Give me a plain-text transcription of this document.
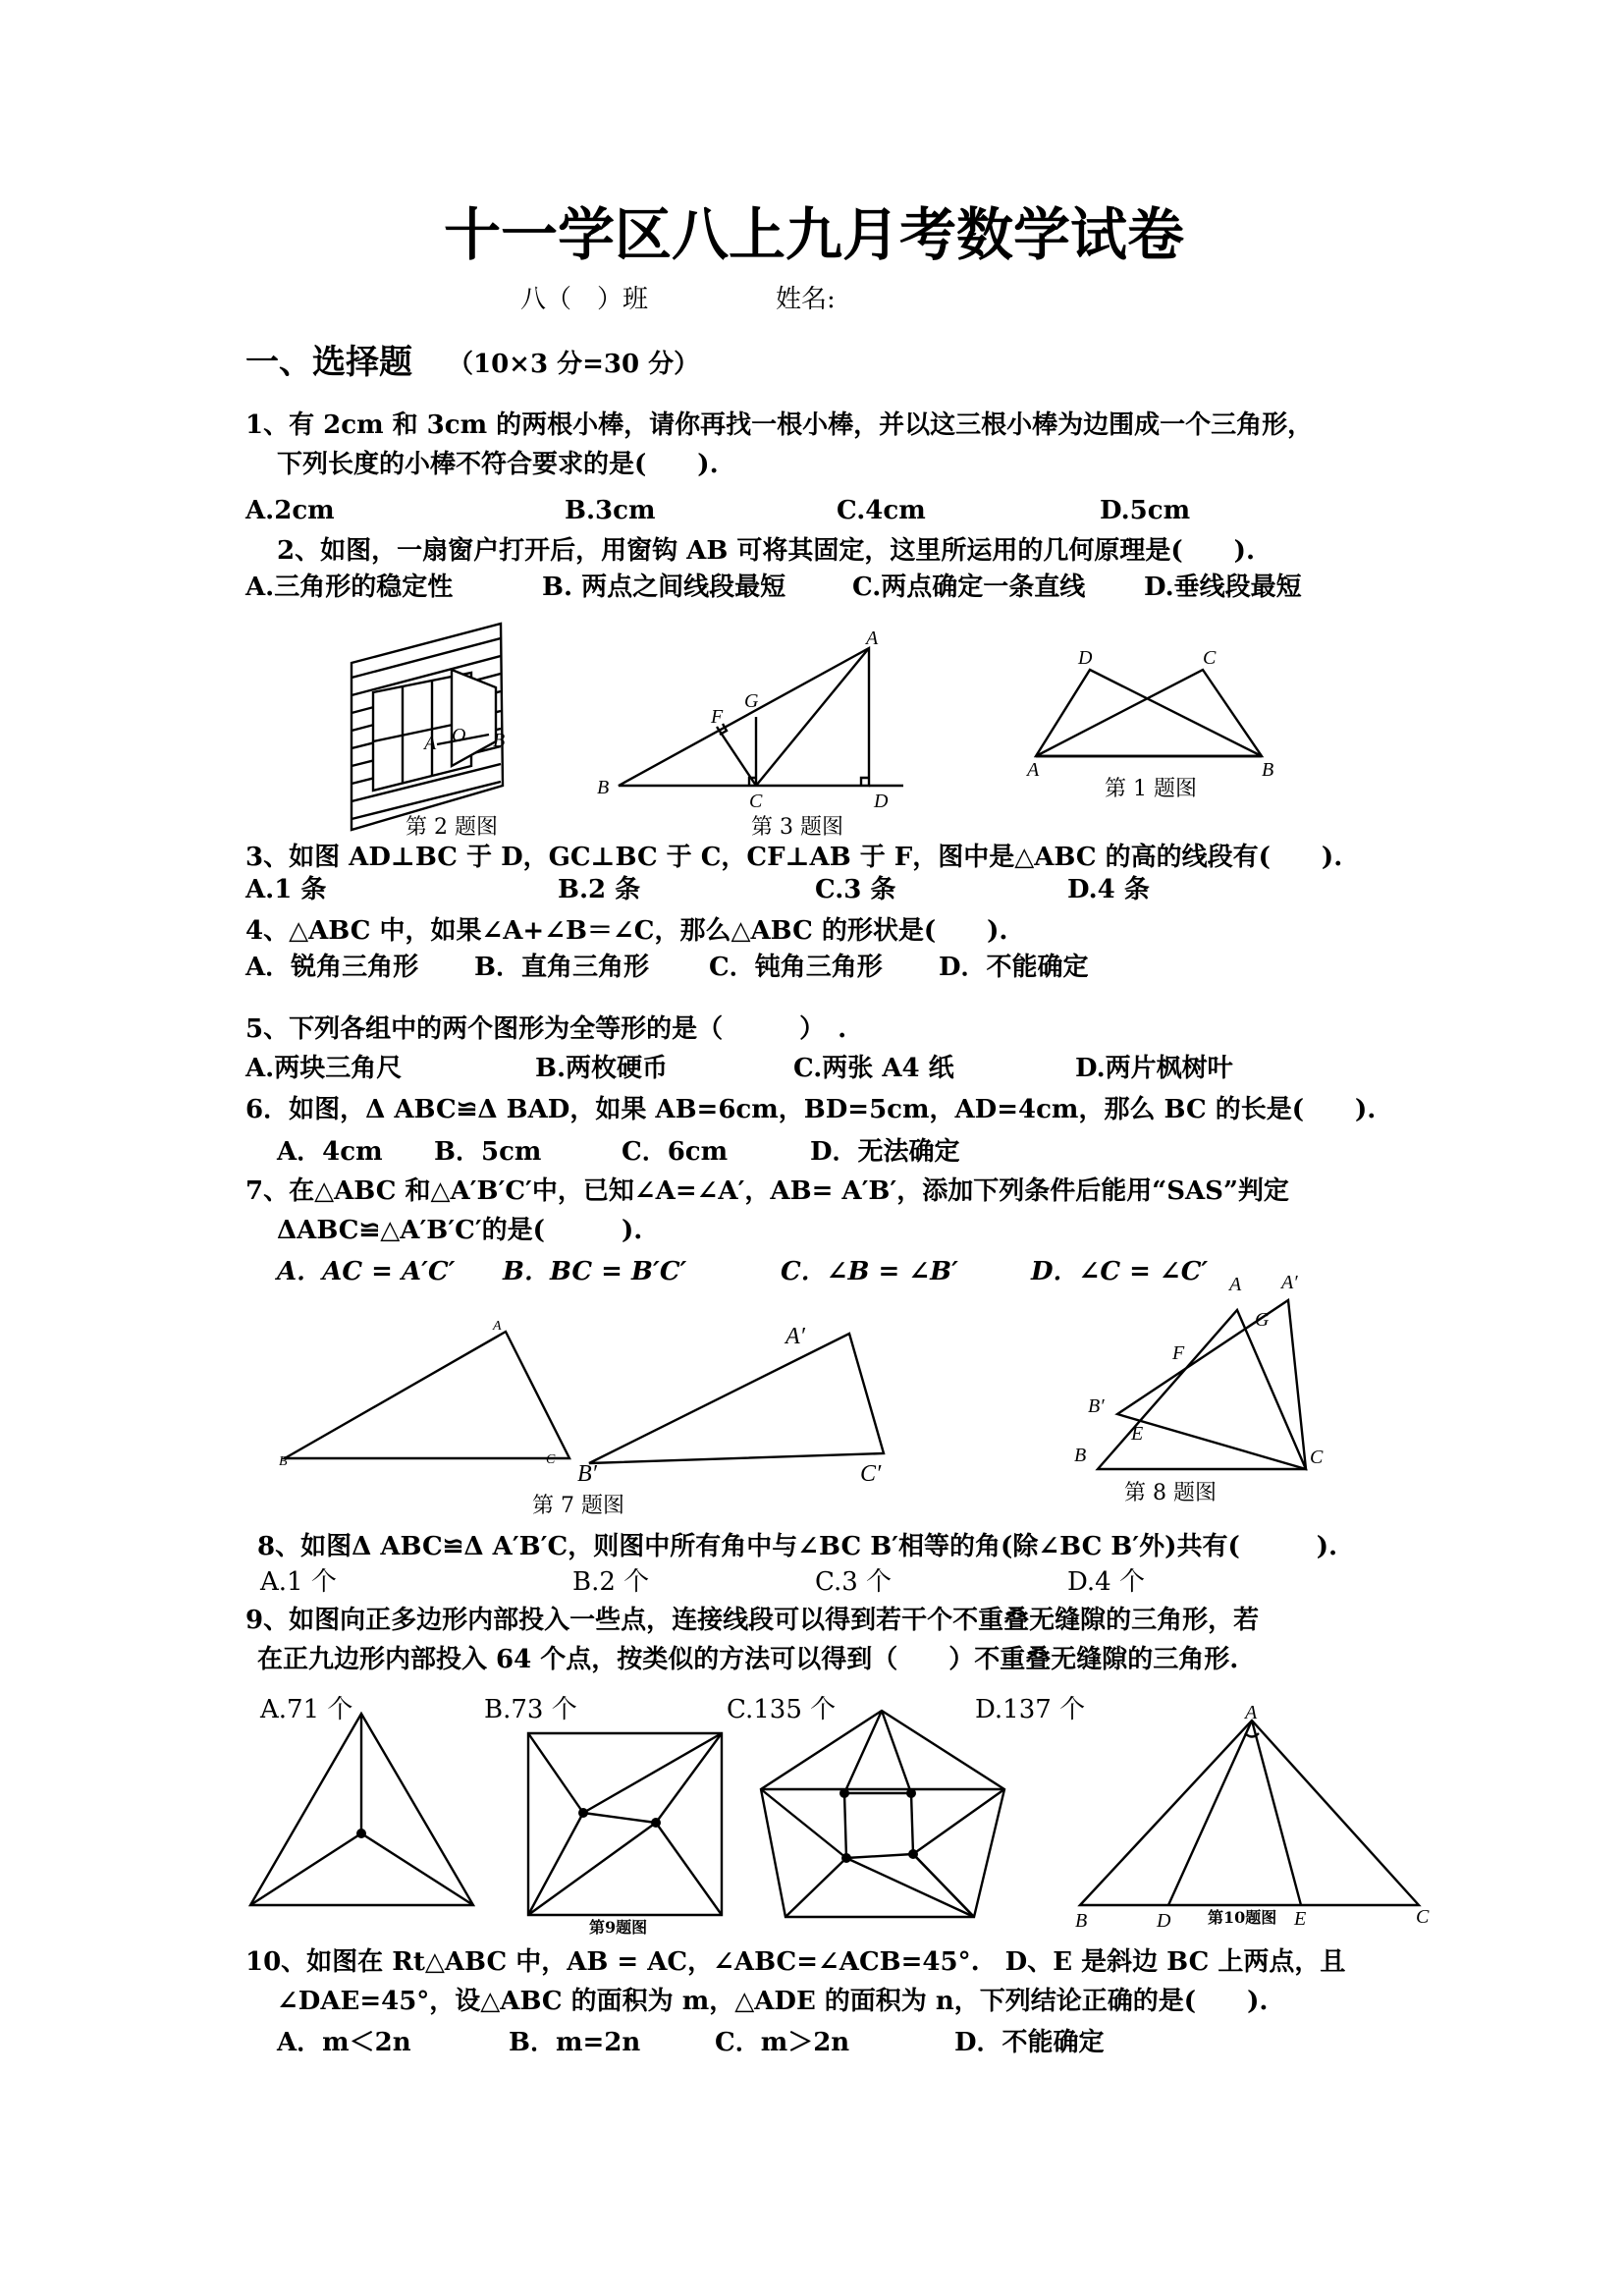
十一学区八上九月考数学试卷
八（　）班	姓名:
一、选择题 （10×3 分=30 分）
1、有 2cm 和 3cm 的两根小棒，请你再找一根小棒，并以这三根小棒为边围成一个三角形，
下列长度的小棒不符合要求的是(　　).
A.2cm	B.3cm	C.4cm	D.5cm
2、如图，一扇窗户打开后，用窗钩 AB 可将其固定，这里所运用的几何原理是(　　).
A.三角形的稳定性	B. 两点之间线段最短	C.两点确定一条直线 D.垂线段最短
A O B
第 2 题图
A
G
F
B
C	D
第 3 题图
D	C
A	B
第 1 题图
3、如图 AD⊥BC 于 D，GC⊥BC 于 C，CF⊥AB 于 F，图中是△ABC 的高的线段有(　　).
A.1 条	B.2 条	C.3 条	D.4 条
4、△ABC 中，如果∠A+∠B＝∠C，那么△ABC 的形状是(　　).
A．锐角三角形 B．直角三角形 C．钝角三角形 D．不能确定
5、下列各组中的两个图形为全等形的是（　　　）　.
A.两块三角尺	B.两枚硬币	C.两张 A4 纸	D.两片枫树叶
6．如图，Δ ABC≌Δ BAD，如果 AB=6cm，BD=5cm，AD=4cm，那么 BC 的长是(　　).
A．4cm B．5cm	C．6cm	D．无法确定
7、在△ABC 和△A′B′C′中，已知∠A=∠A′，AB= A′B′，添加下列条件后能用“SAS”判定
ΔABC≌△A′B′C′的是(　　　).
A．AC = A′C′ B．BC = B′C′	C．∠B = ∠B′	D．∠C = ∠C′
A
B	C
A′
B′	C′
第 7 题图
A A′
G
F
B′
E
B	C
第 8 题图
8、如图Δ ABC≌Δ A′B′C，则图中所有角中与∠BC B′相等的角(除∠BC B′外)共有(　　　).
A.1 个	B.2 个	C.3 个	D.4 个
9、如图向正多边形内部投入一些点，连接线段可以得到若干个不重叠无缝隙的三角形，若
在正九边形内部投入 64 个点，按类似的方法可以得到（　　）不重叠无缝隙的三角形.
A.71 个	B.73 个	C.135 个	D.137 个
第9题图
A
B	D	E	C
第10题图
10、如图在 Rt△ABC 中，AB = AC，∠ABC=∠ACB=45°.　D、E 是斜边 BC 上两点，且
∠DAE=45°，设△ABC 的面积为 m，△ADE 的面积为 n，下列结论正确的是(　　).
A．m＜2n	B．m=2n	C．m＞2n	D．不能确定
